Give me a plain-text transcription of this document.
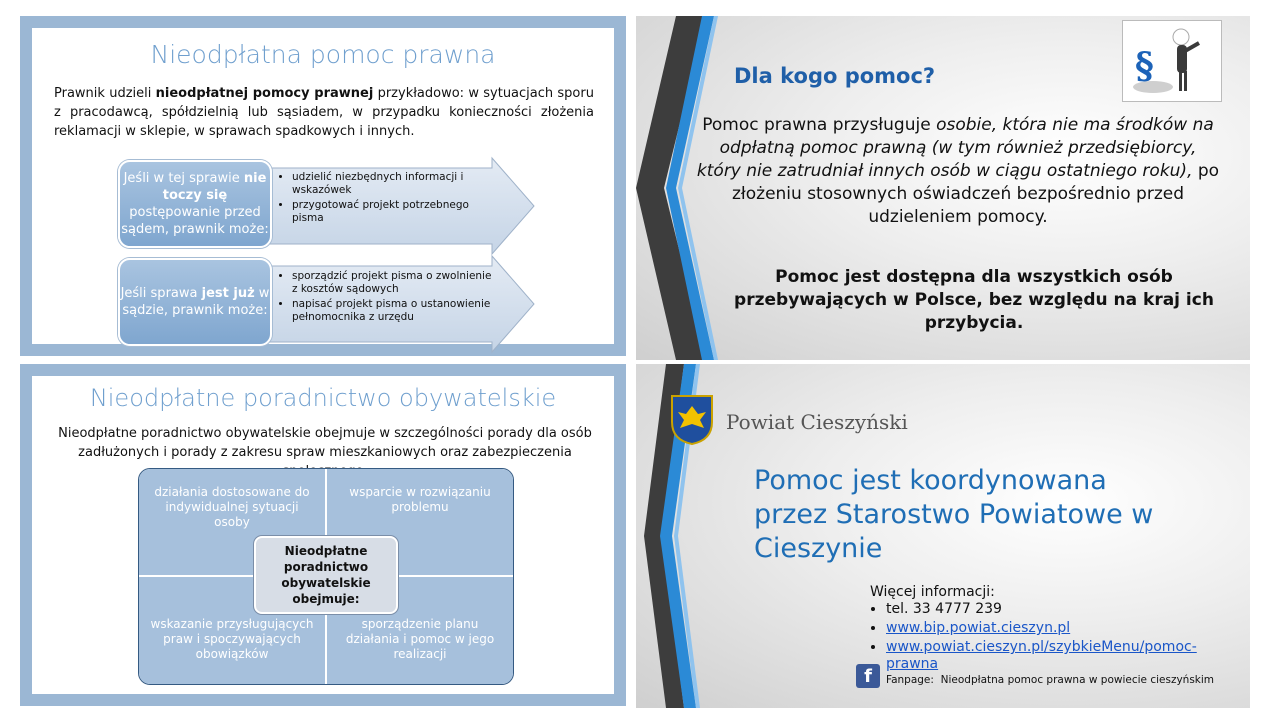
Nieodpłatna pomoc prawna
Prawnik udzieli nieodpłatnej pomocy prawnej przykładowo: w sytuacjach sporu z pracodawcą, spółdzielnią lub sąsiadem, w przypadku konieczności złożenia reklamacji w sklepie, w sprawach spadkowych i innych.
Jeśli w tej sprawie nie toczy się postępowanie przed sądem, prawnik może:
• udzielić niezbędnych informacji i wskazówek
• przygotować projekt potrzebnego pisma
Jeśli sprawa jest już w sądzie, prawnik może:
• sporządzić projekt pisma o zwolnienie z kosztów sądowych
• napisać projekt pisma o ustanowienie pełnomocnika z urzędu
§
Dla kogo pomoc?
Pomoc prawna przysługuje osobie, która nie ma środków na odpłatną pomoc prawną (w tym również przedsiębiorcy, który nie zatrudniał innych osób w ciągu ostatniego roku), po złożeniu stosownych oświadczeń bezpośrednio przed udzieleniem pomocy.
Pomoc jest dostępna dla wszystkich osób przebywających w Polsce, bez względu na kraj ich przybycia.
Nieodpłatne poradnictwo obywatelskie
Nieodpłatne poradnictwo obywatelskie obejmuje w szczególności porady dla osób zadłużonych i porady z zakresu spraw mieszkaniowych oraz zabezpieczenia
działania dostosowane do indywidualnej sytuacji osoby
wsparcie w rozwiązaniu problemu
wskazanie przysługujących praw i spoczywających obowiązków
sporządzenie planu działania i pomoc w jego realizacji
Nieodpłatne poradnictwo obywatelskie obejmuje:
Powiat Cieszyński
Pomoc jest koordynowana przez Starostwo Powiatowe w Cieszynie
Więcej informacji:
• tel. 33 4777 239
• www.bip.powiat.cieszyn.pl
• www.powiat.cieszyn.pl/szybkieMenu/pomoc-prawna
f	Fanpage: Nieodpłatna pomoc prawna w powiecie cieszyńskim
